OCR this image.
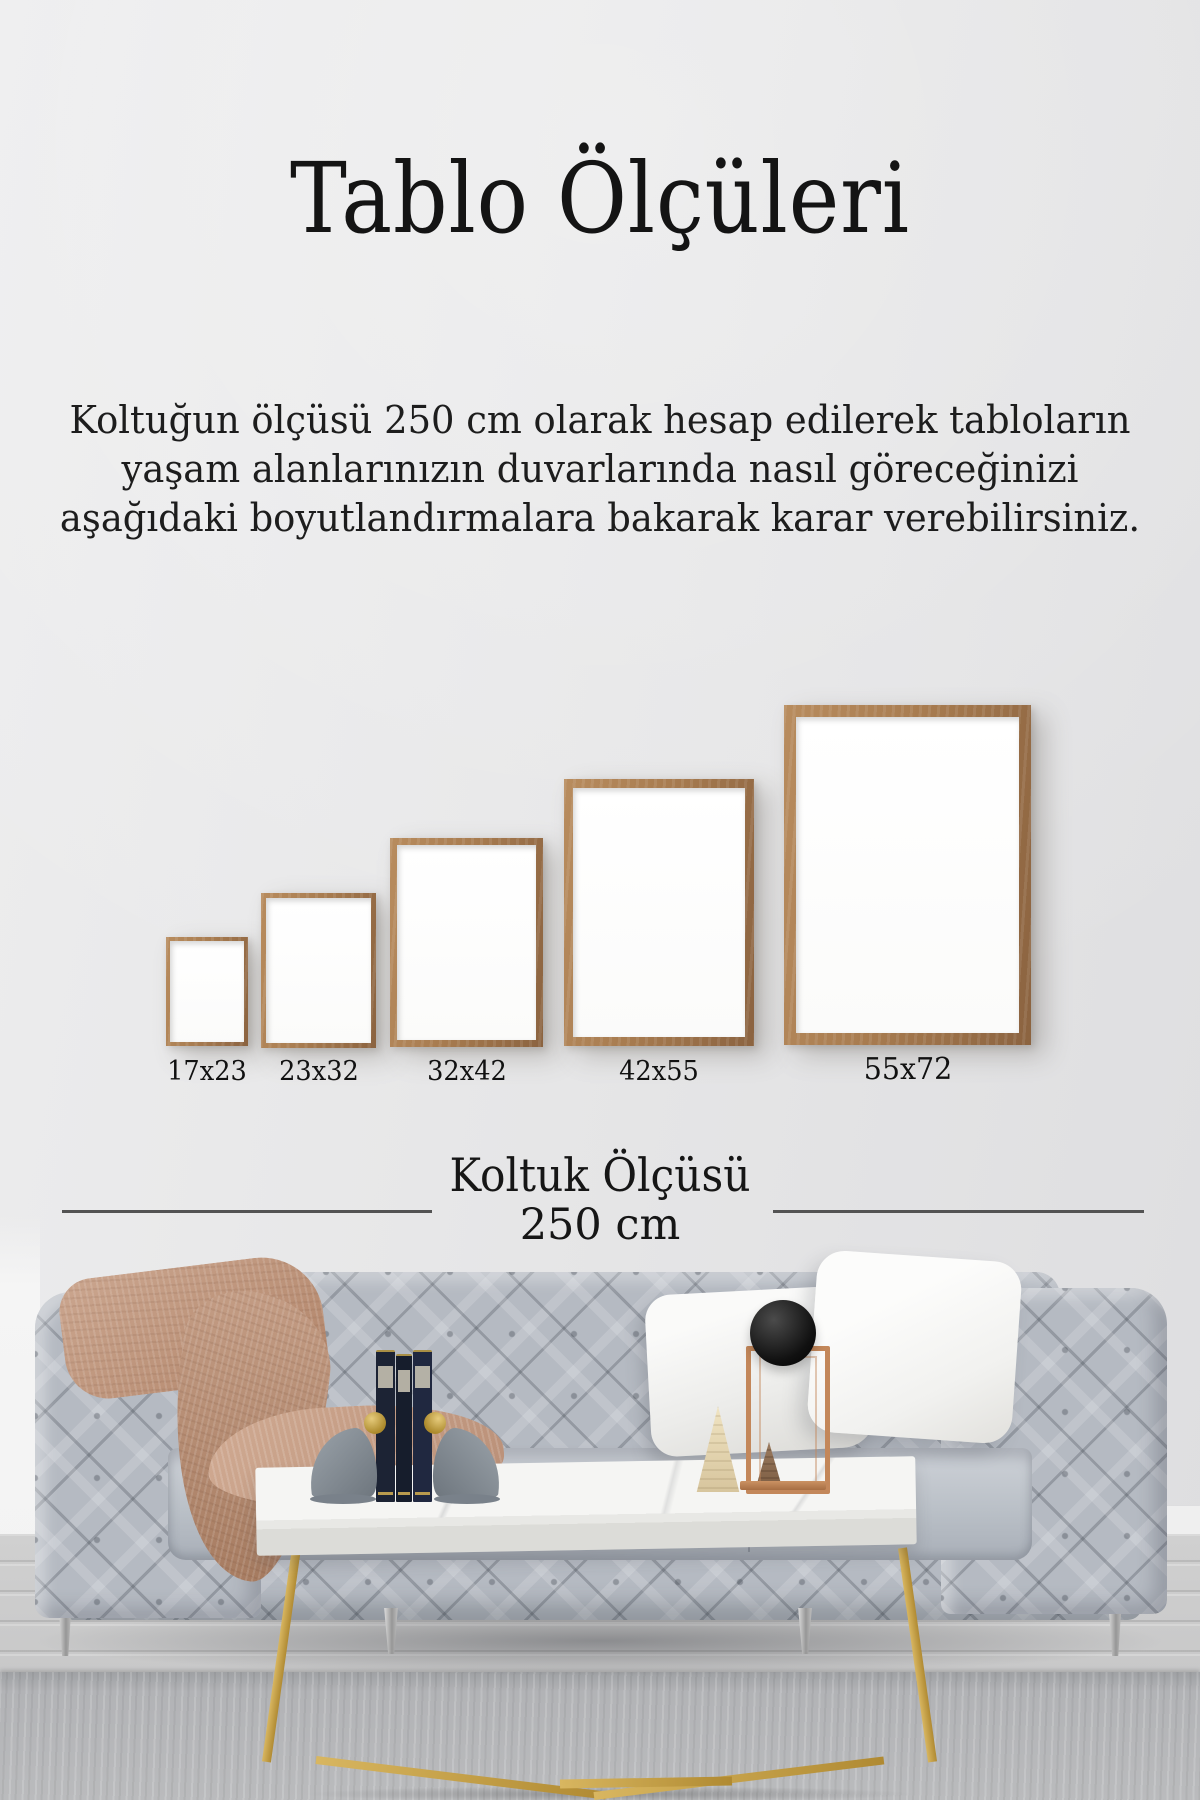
Tablo Ölçüleri
Koltuğun ölçüsü 250 cm olarak hesap edilerek tabloların
yaşam alanlarınızın duvarlarında nasıl göreceğinizi
aşağıdaki boyutlandırmalara bakarak karar verebilirsiniz.
17x23	23x32	32x42	42x55	55x72
Koltuk Ölçüsü
250 cm
